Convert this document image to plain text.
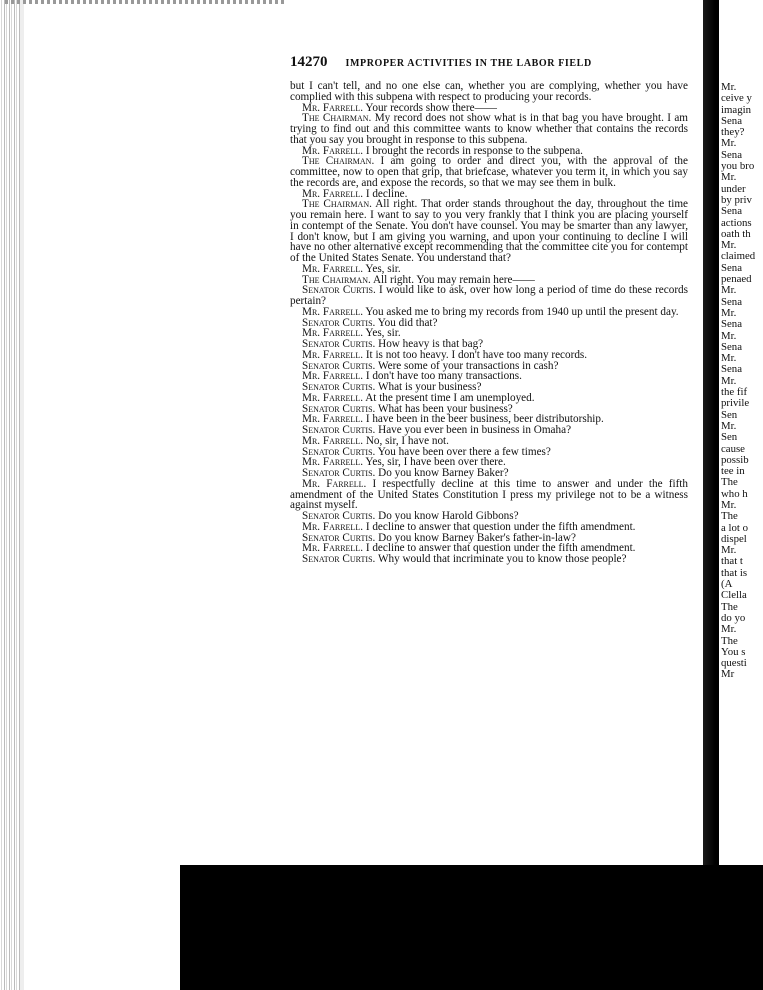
14270 IMPROPER ACTIVITIES IN THE LABOR FIELD

but I can't tell, and no one else can, whether you are complying, whether you have complied with this subpena with respect to producing your records.

Mr. Farrell. Your records show there——

The Chairman. My record does not show what is in that bag you have brought. I am trying to find out and this committee wants to know whether that contains the records that you say you brought in response to this subpena.

Mr. Farrell. I brought the records in response to the subpena.

The Chairman. I am going to order and direct you, with the approval of the committee, now to open that grip, that briefcase, whatever you term it, in which you say the records are, and expose the records, so that we may see them in bulk.

Mr. Farrell. I decline.

The Chairman. All right. That order stands throughout the day, throughout the time you remain here. I want to say to you very frankly that I think you are placing yourself in contempt of the Senate. You don't have counsel. You may be smarter than any lawyer, I don't know, but I am giving you warning, and upon your continuing to decline I will have no other alternative except recommending that the committee cite you for contempt of the United States Senate. You understand that?

Mr. Farrell. Yes, sir.

The Chairman. All right. You may remain here——

Senator Curtis. I would like to ask, over how long a period of time do these records pertain?

Mr. Farrell. You asked me to bring my records from 1940 up until the present day.

Senator Curtis. You did that?

Mr. Farrell. Yes, sir.

Senator Curtis. How heavy is that bag?

Mr. Farrell. It is not too heavy. I don't have too many records.

Senator Curtis. Were some of your transactions in cash?

Mr. Farrell. I don't have too many transactions.

Senator Curtis. What is your business?

Mr. Farrell. At the present time I am unemployed.

Senator Curtis. What has been your business?

Mr. Farrell. I have been in the beer business, beer distributorship.

Senator Curtis. Have you ever been in business in Omaha?

Mr. Farrell. No, sir, I have not.

Senator Curtis. You have been over there a few times?

Mr. Farrell. Yes, sir, I have been over there.

Senator Curtis. Do you know Barney Baker?

Mr. Farrell. I respectfully decline at this time to answer and under the fifth amendment of the United States Constitution I press my privilege not to be a witness against myself.

Senator Curtis. Do you know Harold Gibbons?

Mr. Farrell. I decline to answer that question under the fifth amendment.

Senator Curtis. Do you know Barney Baker's father-in-law?

Mr. Farrell. I decline to answer that question under the fifth amendment.

Senator Curtis. Why would that incriminate you to know those people?

Mr.
ceive y
imagin
Sena
they?
Mr.
Sena
you bro
Mr.
under
by priv
Sena
actions
oath th
Mr.
claimed
Sena
penaed
Mr.
Sena
Mr.
Sena
Mr.
Sena
Mr.
Sena
Mr.
the fif
privile
Sen
Mr.
Sen
cause
possib
tee in
The
who h
Mr.
The
a lot o
dispel
Mr.
that t
that is
(A
Clella
The
do yo
Mr.
The
You s
questi
Mr
